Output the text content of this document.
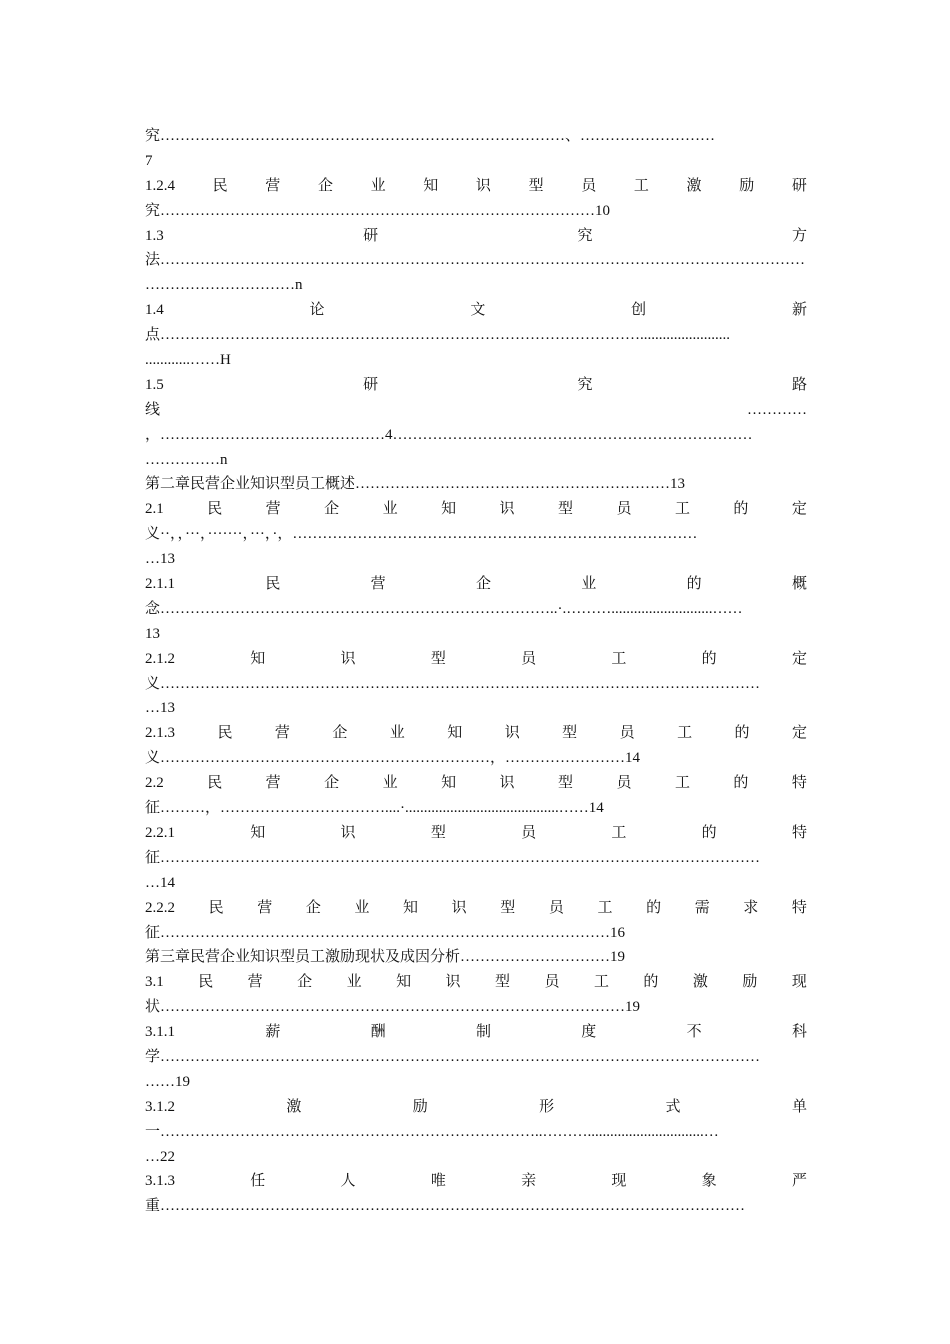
究………………………………………………………………………、………………………
7
1.2.4	民	营	企	业	知	识	型	员	工	激	励	研
究……………………………………………………………………………10
1.3	研	究	方
法…………………………………………………………………………………………………………………
…………………………n
1.4	论	文	创	新
点……………………………………………………………………………………........................
............……H
1.5	研	究	路
线	…………
，………………………………………4………………………………………………………………
……………n
第二章民营企业知识型员工概述………………………………………………………13
2.1	民	营	企	业	知	识	型	员	工	的	定
义··，，···，·······，···，·，………………………………………………………………………
…13
2.1.1	民	营	企	业	的	概
念……………………………………………………………………..·.………...........................……
13
2.1.2	知	识	型	员	工	的	定
义…………………………………………………………………………………………………………
…13
2.1.3	民	营	企	业	知	识	型	员	工	的	定
义…………………………………………………………，……………………14
2.2	民	营	企	业	知	识	型	员	工	的	特
征………，……………………………....·.........................................……14
2.2.1	知	识	型	员	工	的	特
征…………………………………………………………………………………………………………
…14
2.2.2 民 营 企 业 知 识 型 员 工 的 需 求 特
征………………………………………………………………………………16
第三章民营企业知识型员工激励现状及成因分析…………………………19
3.1 民 营 企 业 知 识 型 员 工 的 激 励 现
状…………………………………………………………………………………19
3.1.1	薪	酬	制	度	不	科
学…………………………………………………………………………………………………………
……19
3.1.2	激	励	形	式	单
一…………………………………………………………………..………...............................…
…22
3.1.3	任	人	唯	亲	现	象	严
重………………………………………………………………………………………………………
